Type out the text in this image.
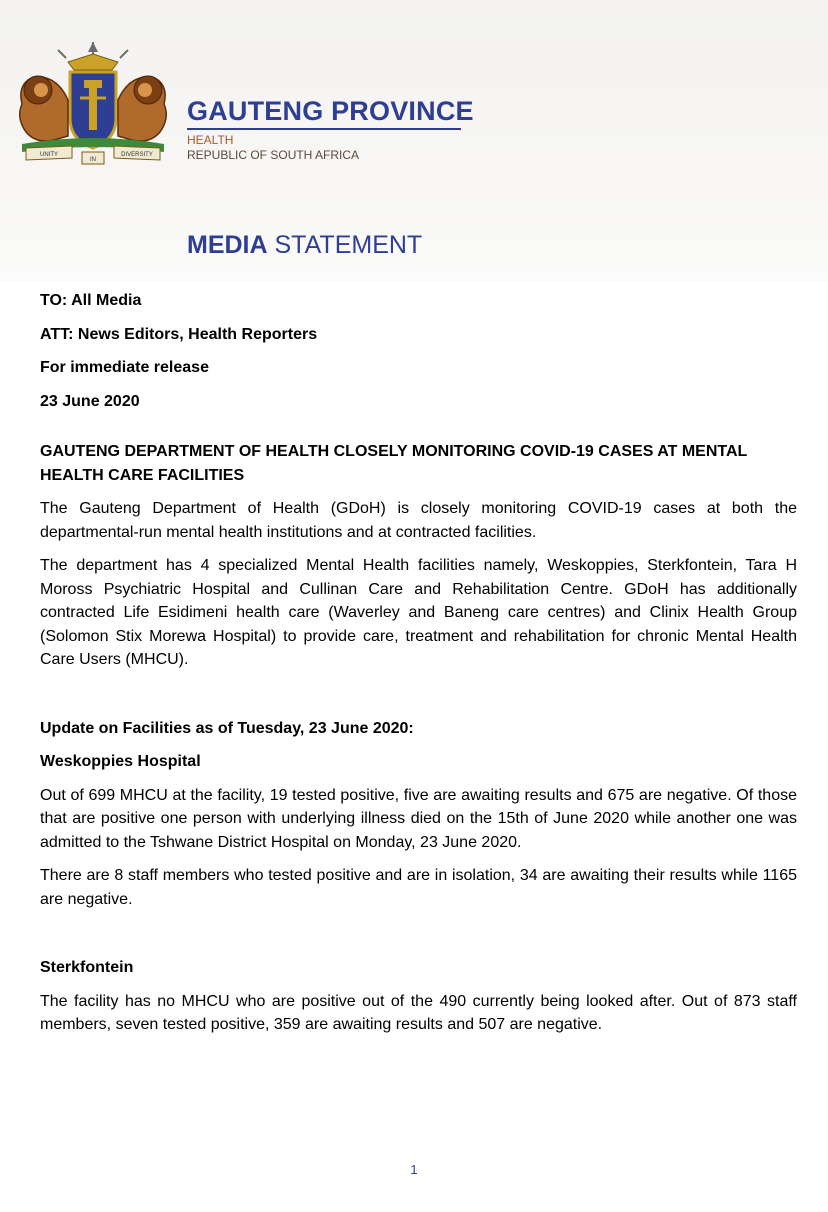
UNITY
IN
DIVERSITY
GAUTENG PROVINCE
HEALTH
REPUBLIC OF SOUTH AFRICA
MEDIA STATEMENT
TO: All Media
ATT: News Editors, Health Reporters
For immediate release
23 June 2020

GAUTENG DEPARTMENT OF HEALTH CLOSELY MONITORING COVID-19 CASES AT MENTAL HEALTH CARE FACILITIES

The Gauteng Department of Health (GDoH) is closely monitoring COVID-19 cases at both the departmental-run mental health institutions and at contracted facilities.

The department has 4 specialized Mental Health facilities namely, Weskoppies, Sterkfontein, Tara H Moross Psychiatric Hospital and Cullinan Care and Rehabilitation Centre. GDoH has additionally contracted Life Esidimeni health care (Waverley and Baneng care centres) and Clinix Health Group (Solomon Stix Morewa Hospital) to provide care, treatment and rehabilitation for chronic Mental Health Care Users (MHCU).

Update on Facilities as of Tuesday, 23 June 2020:

Weskoppies Hospital

Out of 699 MHCU at the facility, 19 tested positive, five are awaiting results and 675 are negative. Of those that are positive one person with underlying illness died on the 15th of June 2020 while another one was admitted to the Tshwane District Hospital on Monday, 23 June 2020.

There are 8 staff members who tested positive and are in isolation, 34 are awaiting their results while 1165 are negative.

Sterkfontein

The facility has no MHCU who are positive out of the 490 currently being looked after. Out of 873 staff members, seven tested positive, 359 are awaiting results and 507 are negative.

1
